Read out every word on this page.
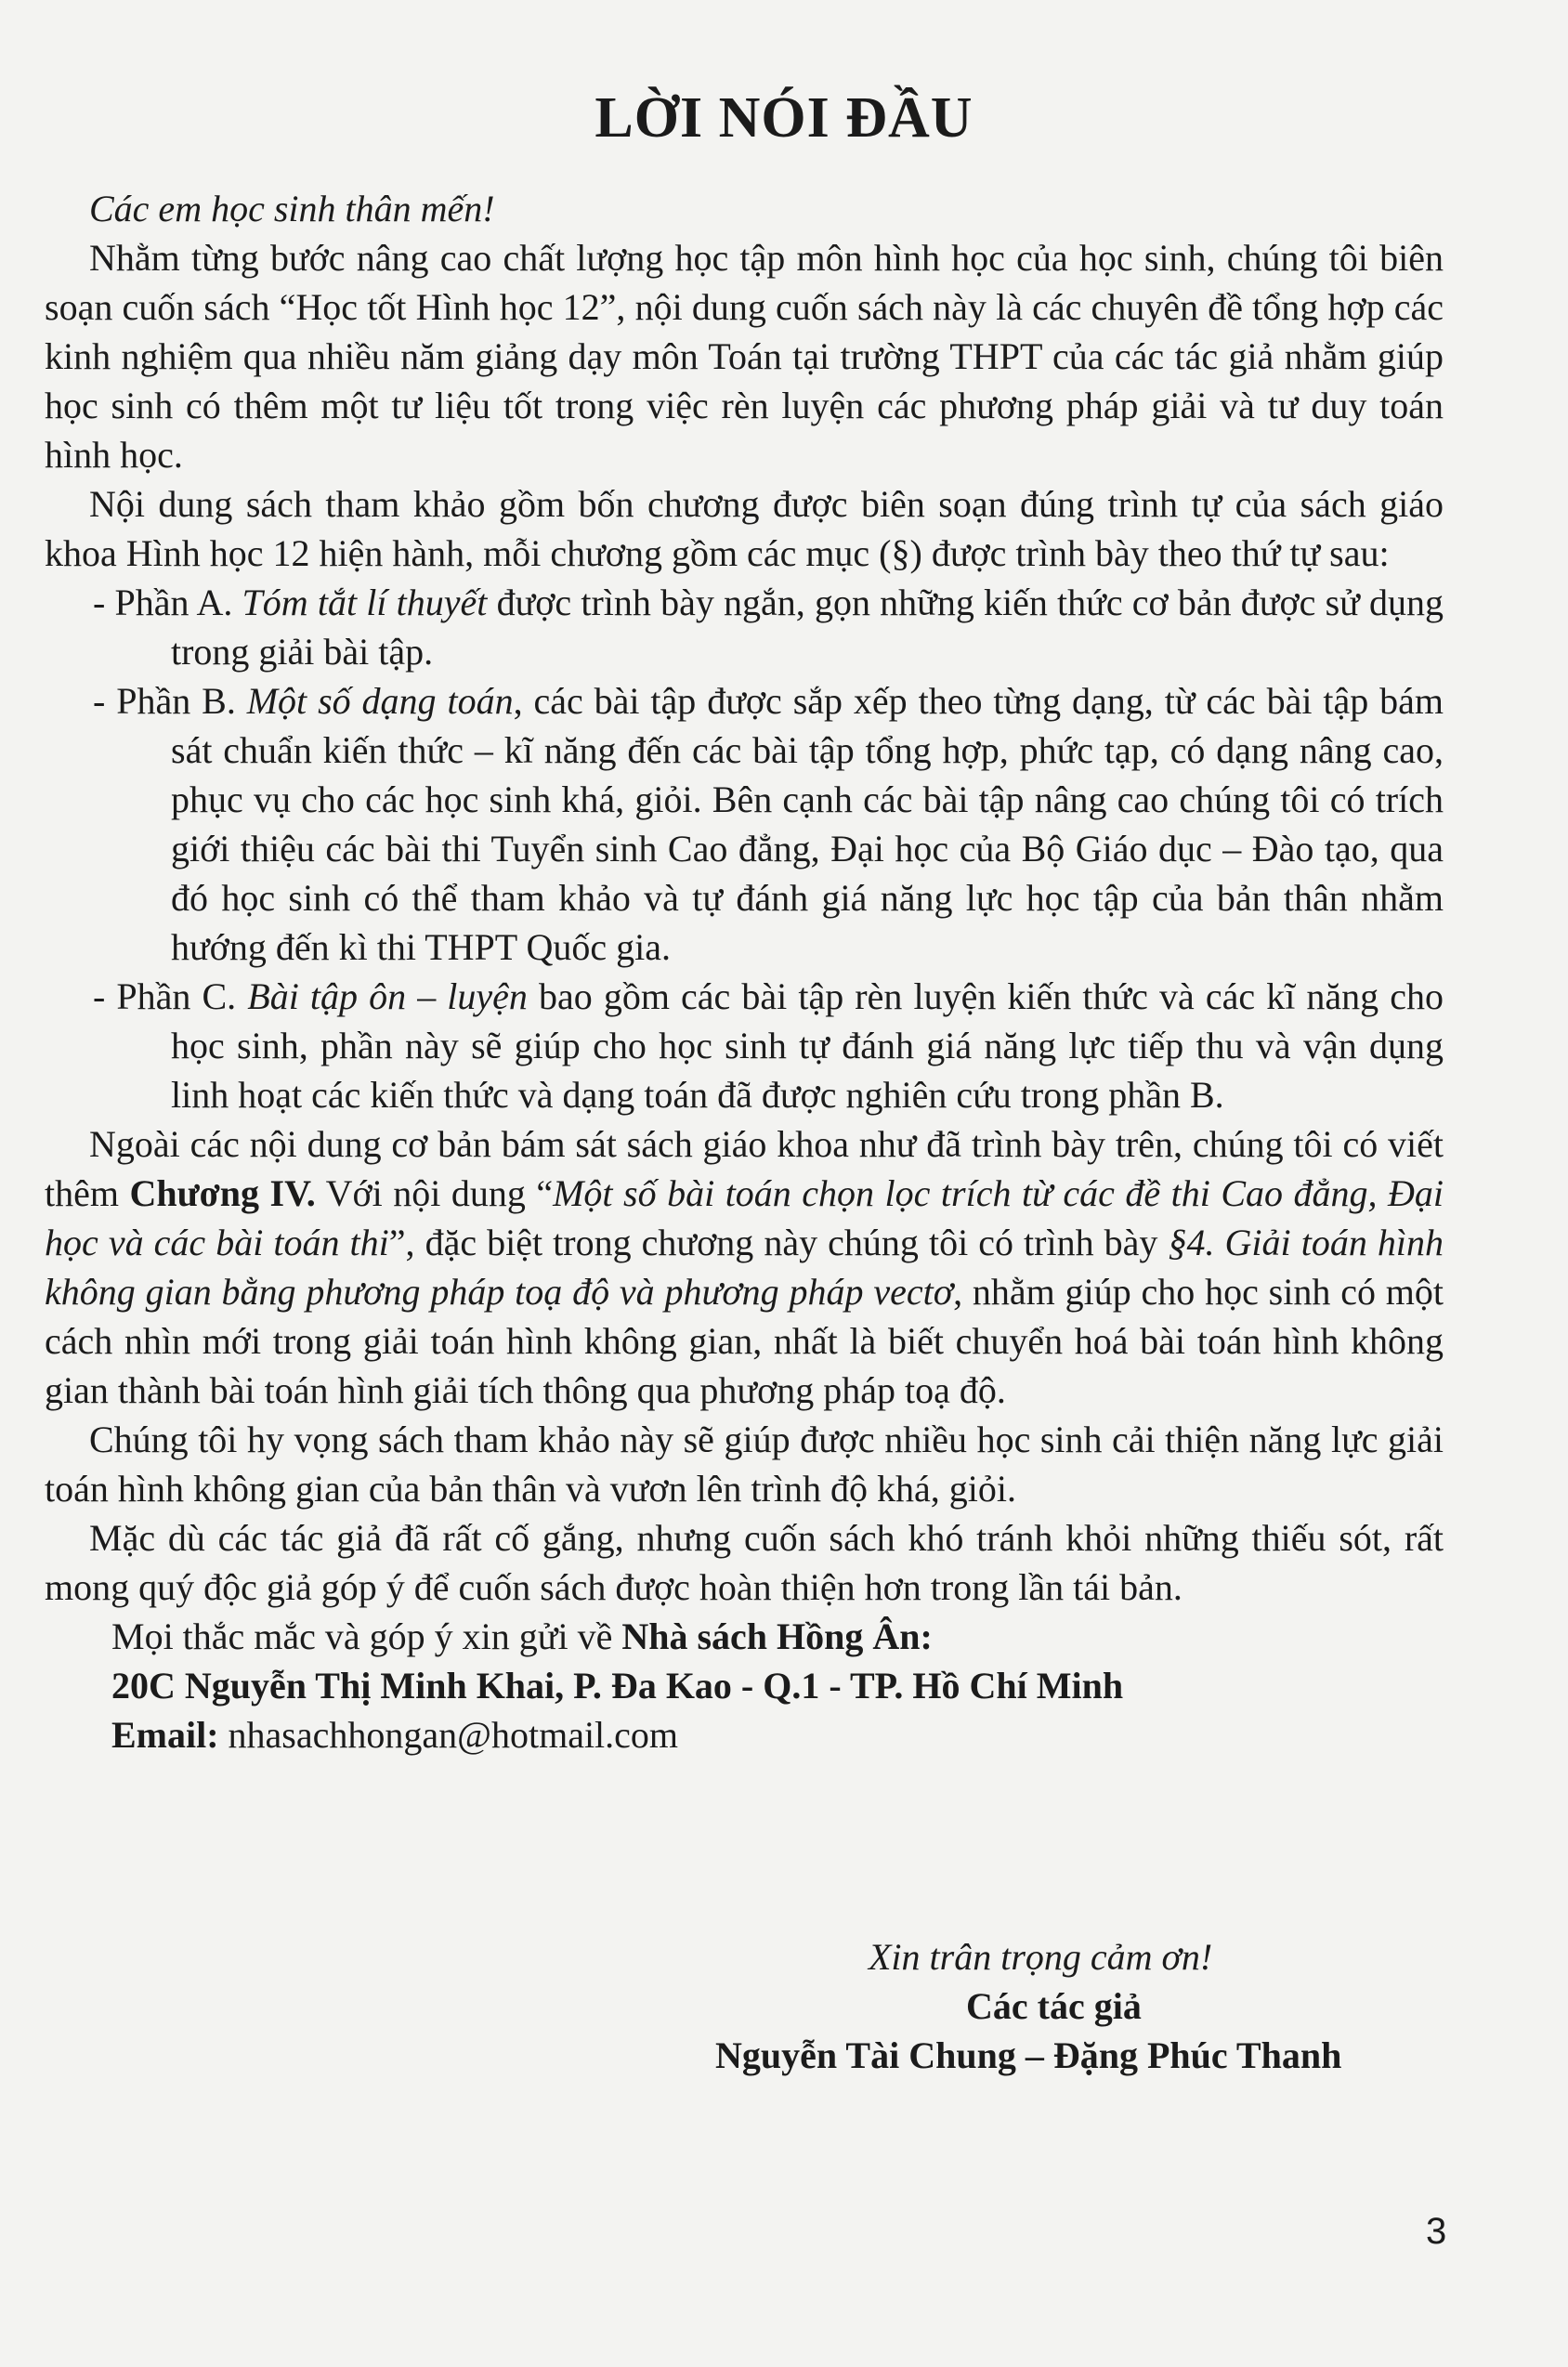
LỜI NÓI ĐẦU

Các em học sinh thân mến!

Nhằm từng bước nâng cao chất lượng học tập môn hình học của học sinh, chúng tôi biên soạn cuốn sách “Học tốt Hình học 12”, nội dung cuốn sách này là các chuyên đề tổng hợp các kinh nghiệm qua nhiều năm giảng dạy môn Toán tại trường THPT của các tác giả nhằm giúp học sinh có thêm một tư liệu tốt trong việc rèn luyện các phương pháp giải và tư duy toán hình học.

Nội dung sách tham khảo gồm bốn chương được biên soạn đúng trình tự của sách giáo khoa Hình học 12 hiện hành, mỗi chương gồm các mục (§) được trình bày theo thứ tự sau:

- Phần A. Tóm tắt lí thuyết được trình bày ngắn, gọn những kiến thức cơ bản được sử dụng trong giải bài tập.

- Phần B. Một số dạng toán, các bài tập được sắp xếp theo từng dạng, từ các bài tập bám sát chuẩn kiến thức – kĩ năng đến các bài tập tổng hợp, phức tạp, có dạng nâng cao, phục vụ cho các học sinh khá, giỏi. Bên cạnh các bài tập nâng cao chúng tôi có trích giới thiệu các bài thi Tuyển sinh Cao đẳng, Đại học của Bộ Giáo dục – Đào tạo, qua đó học sinh có thể tham khảo và tự đánh giá năng lực học tập của bản thân nhằm hướng đến kì thi THPT Quốc gia.

- Phần C. Bài tập ôn – luyện bao gồm các bài tập rèn luyện kiến thức và các kĩ năng cho học sinh, phần này sẽ giúp cho học sinh tự đánh giá năng lực tiếp thu và vận dụng linh hoạt các kiến thức và dạng toán đã được nghiên cứu trong phần B.

Ngoài các nội dung cơ bản bám sát sách giáo khoa như đã trình bày trên, chúng tôi có viết thêm Chương IV. Với nội dung “Một số bài toán chọn lọc trích từ các đề thi Cao đẳng, Đại học và các bài toán thi”, đặc biệt trong chương này chúng tôi có trình bày §4. Giải toán hình không gian bằng phương pháp toạ độ và phương pháp vectơ, nhằm giúp cho học sinh có một cách nhìn mới trong giải toán hình không gian, nhất là biết chuyển hoá bài toán hình không gian thành bài toán hình giải tích thông qua phương pháp toạ độ.

Chúng tôi hy vọng sách tham khảo này sẽ giúp được nhiều học sinh cải thiện năng lực giải toán hình không gian của bản thân và vươn lên trình độ khá, giỏi.

Mặc dù các tác giả đã rất cố gắng, nhưng cuốn sách khó tránh khỏi những thiếu sót, rất mong quý độc giả góp ý để cuốn sách được hoàn thiện hơn trong lần tái bản.

Mọi thắc mắc và góp ý xin gửi về Nhà sách Hồng Ân:

20C Nguyễn Thị Minh Khai, P. Đa Kao - Q.1 - TP. Hồ Chí Minh

Email: nhasachhongan@hotmail.com

Xin trân trọng cảm ơn!
Các tác giả
Nguyễn Tài Chung – Đặng Phúc Thanh
3
